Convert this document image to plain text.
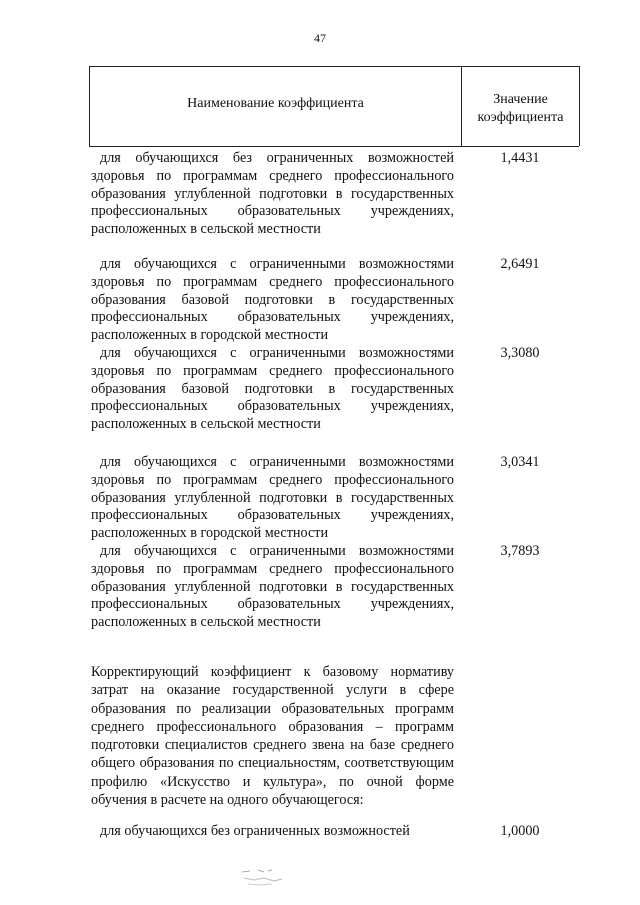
47
Наименование коэффициента	Значение
коэффициента
для обучающихся без ограниченных возможностей здоровья по программам среднего профессионального образования углубленной подготовки в государственных профессиональных образовательных учреждениях, расположенных в сельской местности
1,4431
для обучающихся с ограниченными возможностями здоровья по программам среднего профессионального образования базовой подготовки в государственных профессиональных образовательных учреждениях, расположенных в городской местности
2,6491
для обучающихся с ограниченными возможностями здоровья по программам среднего профессионального образования базовой подготовки в государственных профессиональных образовательных учреждениях, расположенных в сельской местности
3,3080
для обучающихся с ограниченными возможностями здоровья по программам среднего профессионального образования углубленной подготовки в государственных профессиональных образовательных учреждениях, расположенных в городской местности
3,0341
для обучающихся с ограниченными возможностями здоровья по программам среднего профессионального образования углубленной подготовки в государственных профессиональных образовательных учреждениях, расположенных в сельской местности
3,7893
Корректирующий коэффициент к базовому нормативу затрат на оказание государственной услуги в сфере образования по реализации образовательных программ среднего профессионального образования – программ подготовки специалистов среднего звена на базе среднего общего образования по специальностям, соответствующим профилю «Искусство и культура», по очной форме обучения в расчете на одного обучающегося:
для обучающихся без ограниченных возможностей	1,0000
